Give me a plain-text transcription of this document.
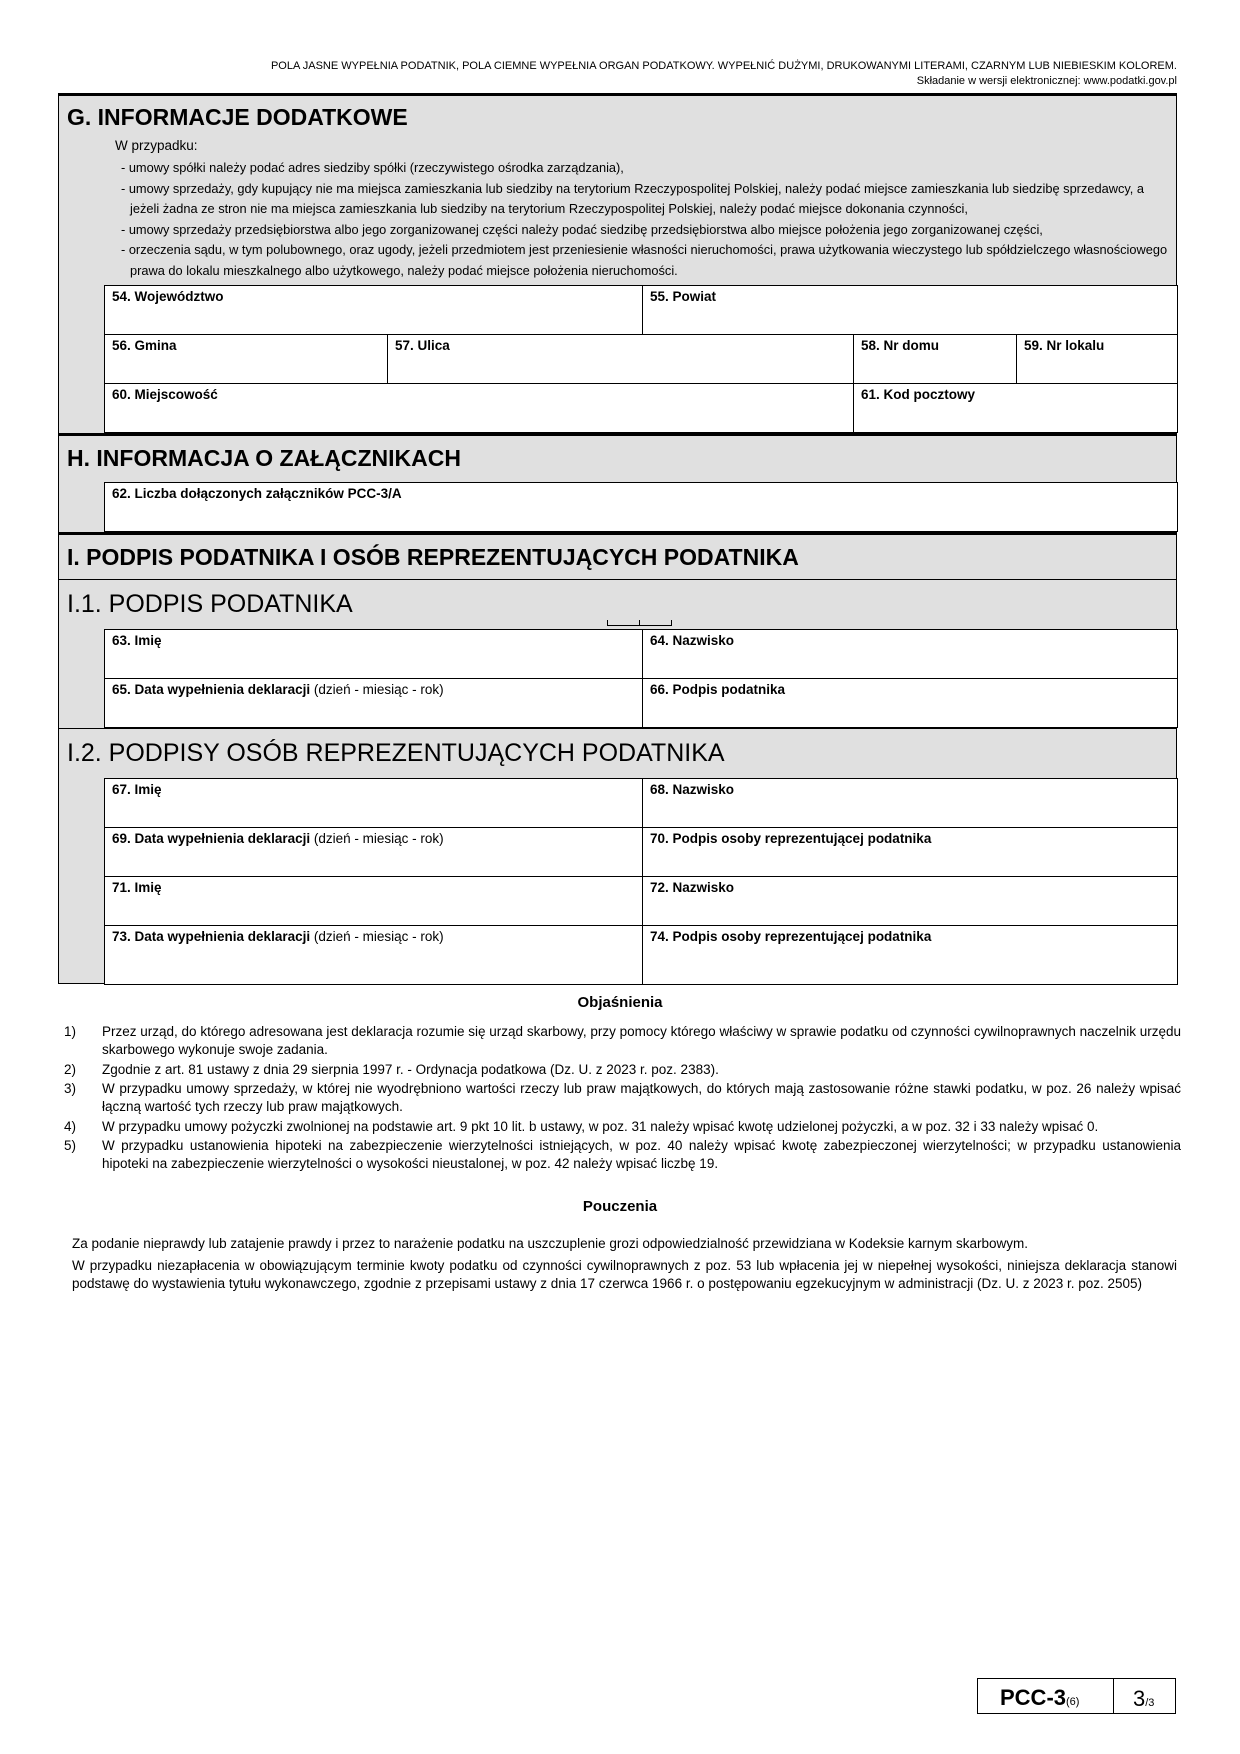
POLA JASNE WYPEŁNIA PODATNIK, POLA CIEMNE WYPEŁNIA ORGAN PODATKOWY. WYPEŁNIĆ DUŻYMI, DRUKOWANYMI LITERAMI, CZARNYM LUB NIEBIESKIM KOLOREM.
Składanie w wersji elektronicznej: www.podatki.gov.pl
G. INFORMACJE DODATKOWE
W przypadku:
- umowy spółki należy podać adres siedziby spółki (rzeczywistego ośrodka zarządzania),
- umowy sprzedaży, gdy kupujący nie ma miejsca zamieszkania lub siedziby na terytorium Rzeczypospolitej Polskiej, należy podać miejsce zamieszkania lub siedzibę sprzedawcy, a jeżeli żadna ze stron nie ma miejsca zamieszkania lub siedziby na terytorium Rzeczypospolitej Polskiej, należy podać miejsce dokonania czynności,
- umowy sprzedaży przedsiębiorstwa albo jego zorganizowanej części należy podać siedzibę przedsiębiorstwa albo miejsce położenia jego zorganizowanej części,
- orzeczenia sądu, w tym polubownego, oraz ugody, jeżeli przedmiotem jest przeniesienie własności nieruchomości, prawa użytkowania wieczystego lub spółdzielczego własnościowego prawa do lokalu mieszkalnego albo użytkowego, należy podać miejsce położenia nieruchomości.
54. Województwo	55. Powiat
56. Gmina	57. Ulica	58. Nr domu	59. Nr lokalu
60. Miejscowość	61. Kod pocztowy
H. INFORMACJA O ZAŁĄCZNIKACH
62. Liczba dołączonych załączników PCC-3/A
I. PODPIS PODATNIKA I OSÓB REPREZENTUJĄCYCH PODATNIKA
I.1. PODPIS PODATNIKA
63. Imię	64. Nazwisko
65. Data wypełnienia deklaracji (dzień - miesiąc - rok)	66. Podpis podatnika
I.2. PODPISY OSÓB REPREZENTUJĄCYCH PODATNIKA
67. Imię	68. Nazwisko
69. Data wypełnienia deklaracji (dzień - miesiąc - rok)	70. Podpis osoby reprezentującej podatnika
71. Imię	72. Nazwisko
73. Data wypełnienia deklaracji (dzień - miesiąc - rok)	74. Podpis osoby reprezentującej podatnika
Objaśnienia
1) Przez urząd, do którego adresowana jest deklaracja rozumie się urząd skarbowy, przy pomocy którego właściwy w sprawie podatku od czynności cywilnoprawnych naczelnik urzędu skarbowego wykonuje swoje zadania.
2) Zgodnie z art. 81 ustawy z dnia 29 sierpnia 1997 r. - Ordynacja podatkowa (Dz. U. z 2023 r. poz. 2383).
3) W przypadku umowy sprzedaży, w której nie wyodrębniono wartości rzeczy lub praw majątkowych, do których mają zastosowanie różne stawki podatku, w poz. 26 należy wpisać łączną wartość tych rzeczy lub praw majątkowych.
4) W przypadku umowy pożyczki zwolnionej na podstawie art. 9 pkt 10 lit. b ustawy, w poz. 31 należy wpisać kwotę udzielonej pożyczki, a w poz. 32 i 33 należy wpisać 0.
5) W przypadku ustanowienia hipoteki na zabezpieczenie wierzytelności istniejących, w poz. 40 należy wpisać kwotę zabezpieczonej wierzytelności; w przypadku ustanowienia hipoteki na zabezpieczenie wierzytelności o wysokości nieustalonej, w poz. 42 należy wpisać liczbę 19.
Pouczenia
Za podanie nieprawdy lub zatajenie prawdy i przez to narażenie podatku na uszczuplenie grozi odpowiedzialność przewidziana w Kodeksie karnym skarbowym.
W przypadku niezapłacenia w obowiązującym terminie kwoty podatku od czynności cywilnoprawnych z poz. 53 lub wpłacenia jej w niepełnej wysokości, niniejsza deklaracja stanowi podstawę do wystawienia tytułu wykonawczego, zgodnie z przepisami ustawy z dnia 17 czerwca 1966 r. o postępowaniu egzekucyjnym w administracji (Dz. U. z 2023 r. poz. 2505)
PCC-3(6) 3/3
